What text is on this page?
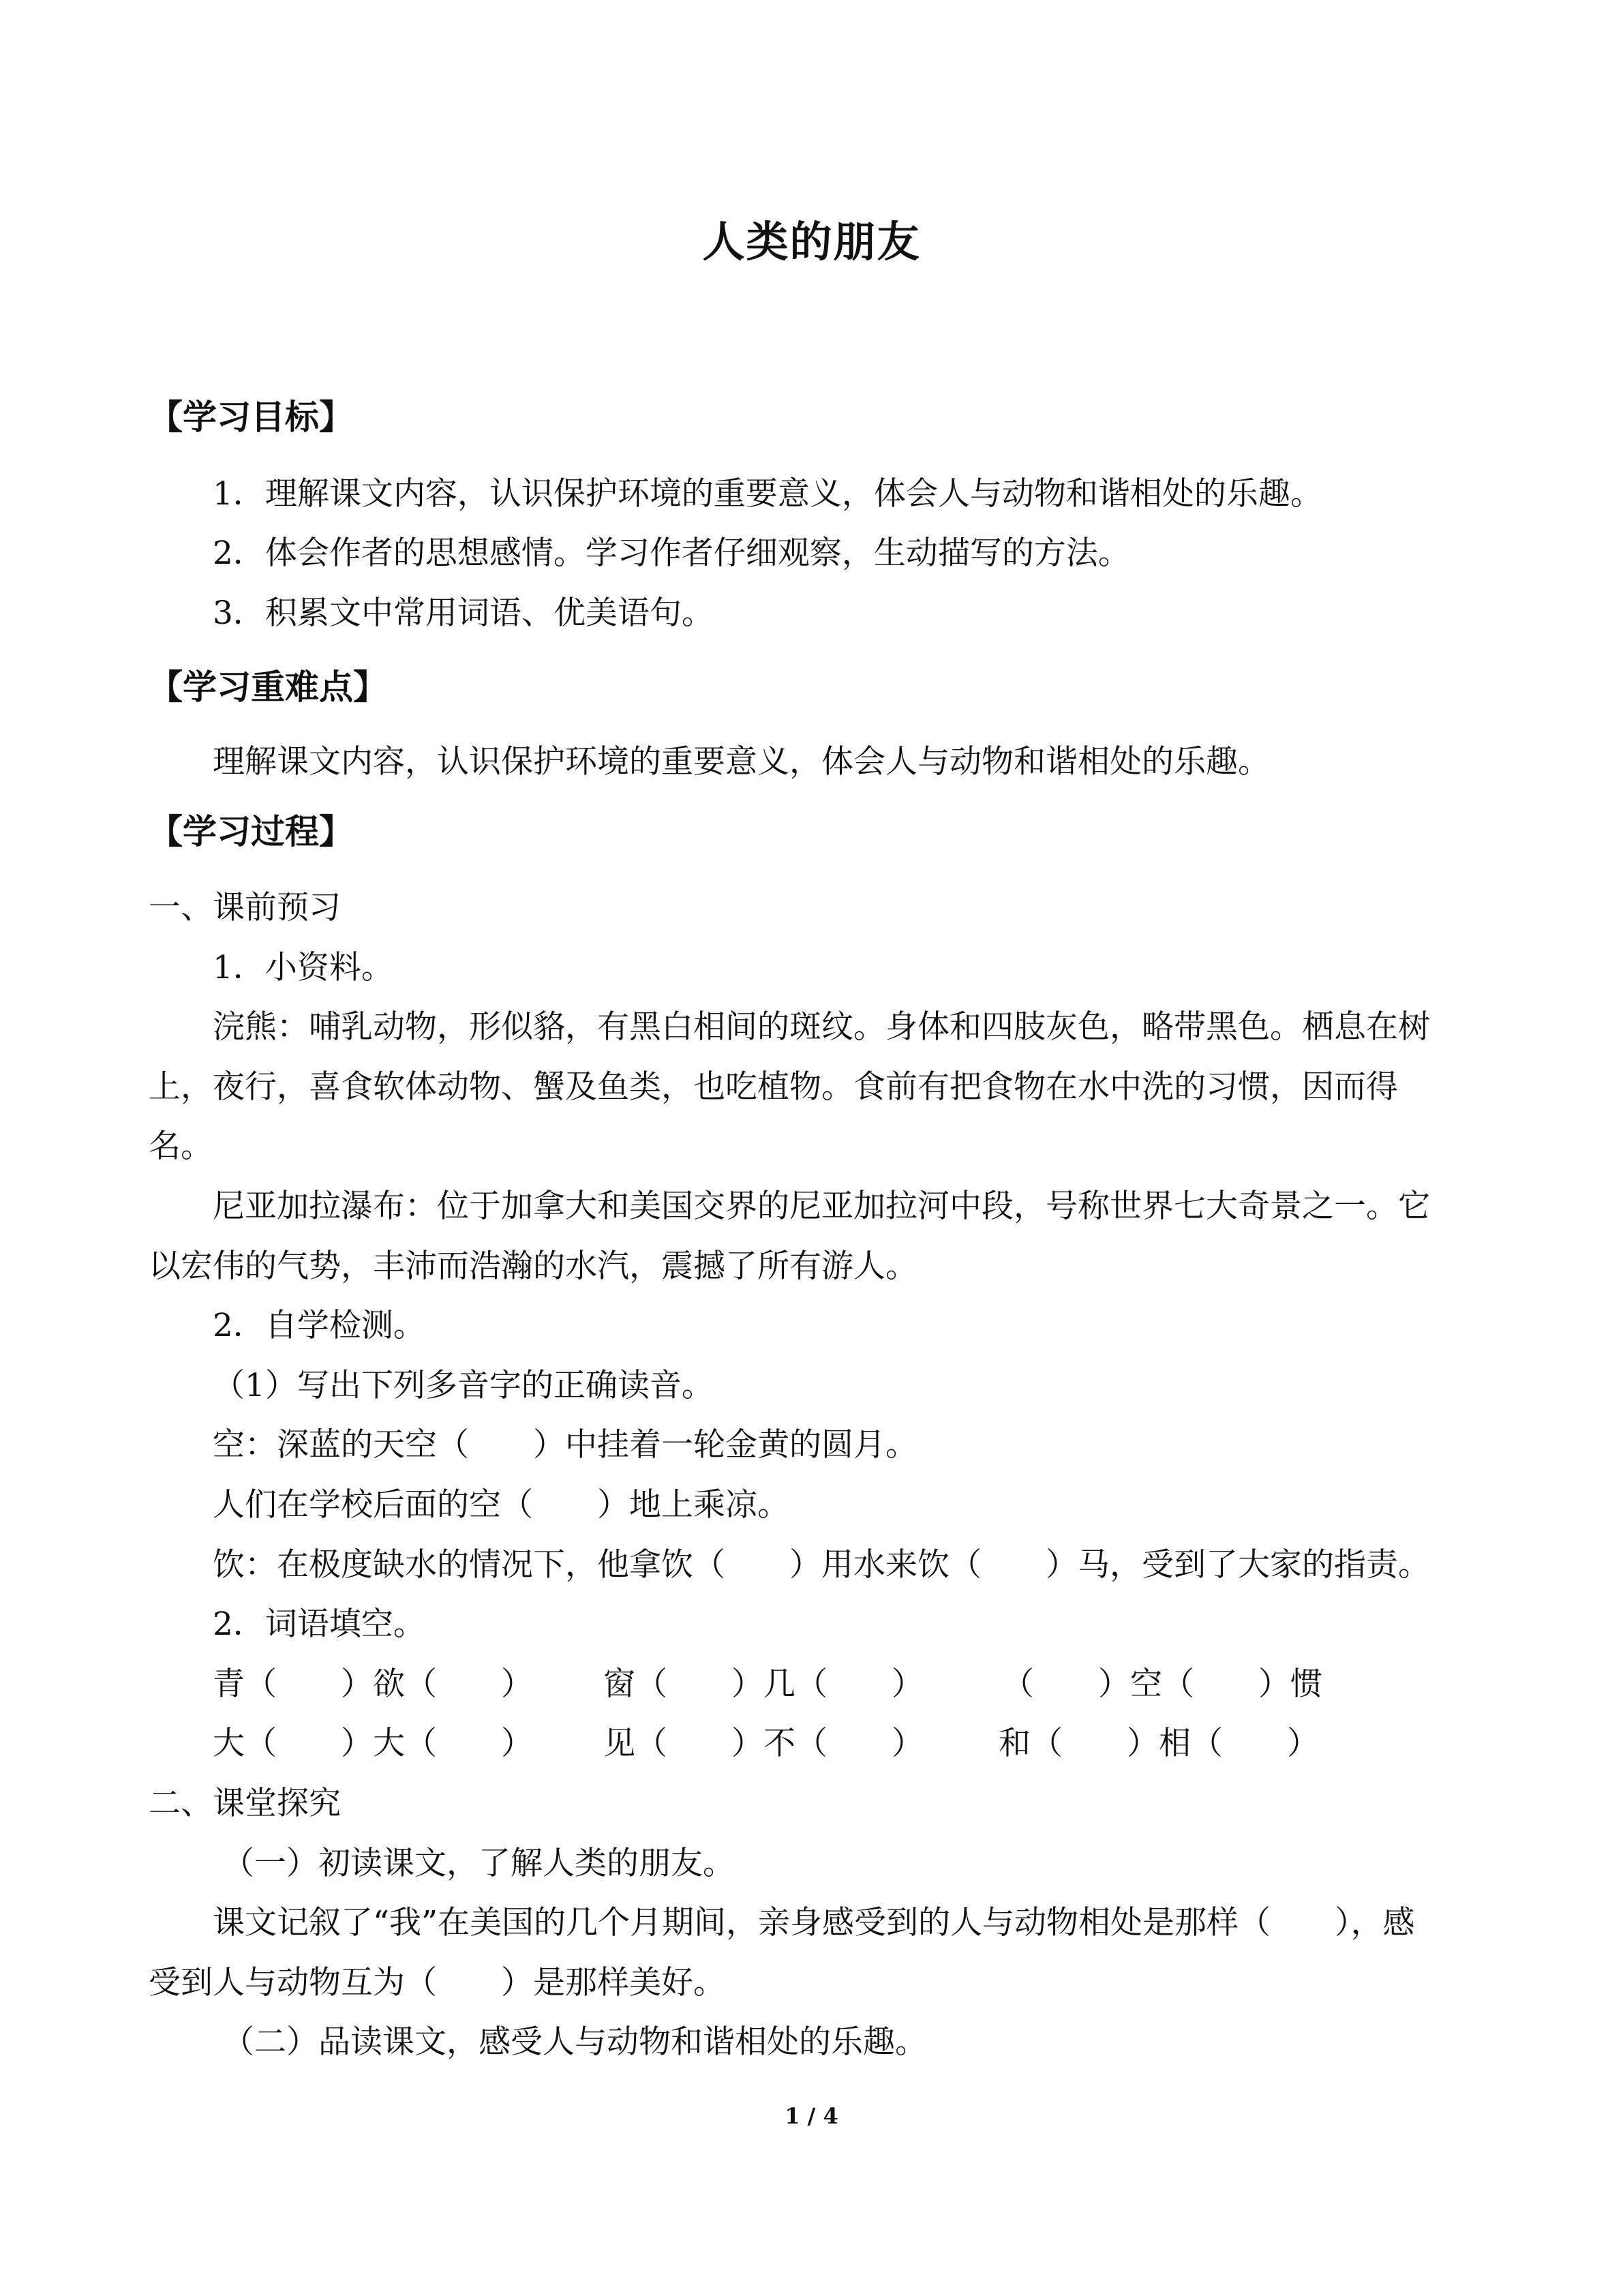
人类的朋友
【学习目标】
1．理解课文内容，认识保护环境的重要意义，体会人与动物和谐相处的乐趣。
2．体会作者的思想感情。学习作者仔细观察，生动描写的方法。
3．积累文中常用词语、优美语句。
【学习重难点】
理解课文内容，认识保护环境的重要意义，体会人与动物和谐相处的乐趣。
【学习过程】
一、课前预习
1．小资料。
浣熊：哺乳动物，形似貉，有黑白相间的斑纹。身体和四肢灰色，略带黑色。栖息在树
上，夜行，喜食软体动物、蟹及鱼类，也吃植物。食前有把食物在水中洗的习惯，因而得
名。
尼亚加拉瀑布：位于加拿大和美国交界的尼亚加拉河中段，号称世界七大奇景之一。它
以宏伟的气势，丰沛而浩瀚的水汽，震撼了所有游人。
2．自学检测。
（1）写出下列多音字的正确读音。
空：深蓝的天空（　　）中挂着一轮金黄的圆月。
人们在学校后面的空（　　）地上乘凉。
饮：在极度缺水的情况下，他拿饮（　　）用水来饮（　　）马，受到了大家的指责。
2．词语填空。
青（　　）欲（　　） 窗（　　）几（　　） （　　）空（　　）惯
大（　　）大（　　） 见（　　）不（　　） 和（　　）相（　　）
二、课堂探究
（一）初读课文，了解人类的朋友。
课文记叙了“我”在美国的几个月期间，亲身感受到的人与动物相处是那样（　　），感
受到人与动物互为（　　）是那样美好。
（二）品读课文，感受人与动物和谐相处的乐趣。
1 / 4
